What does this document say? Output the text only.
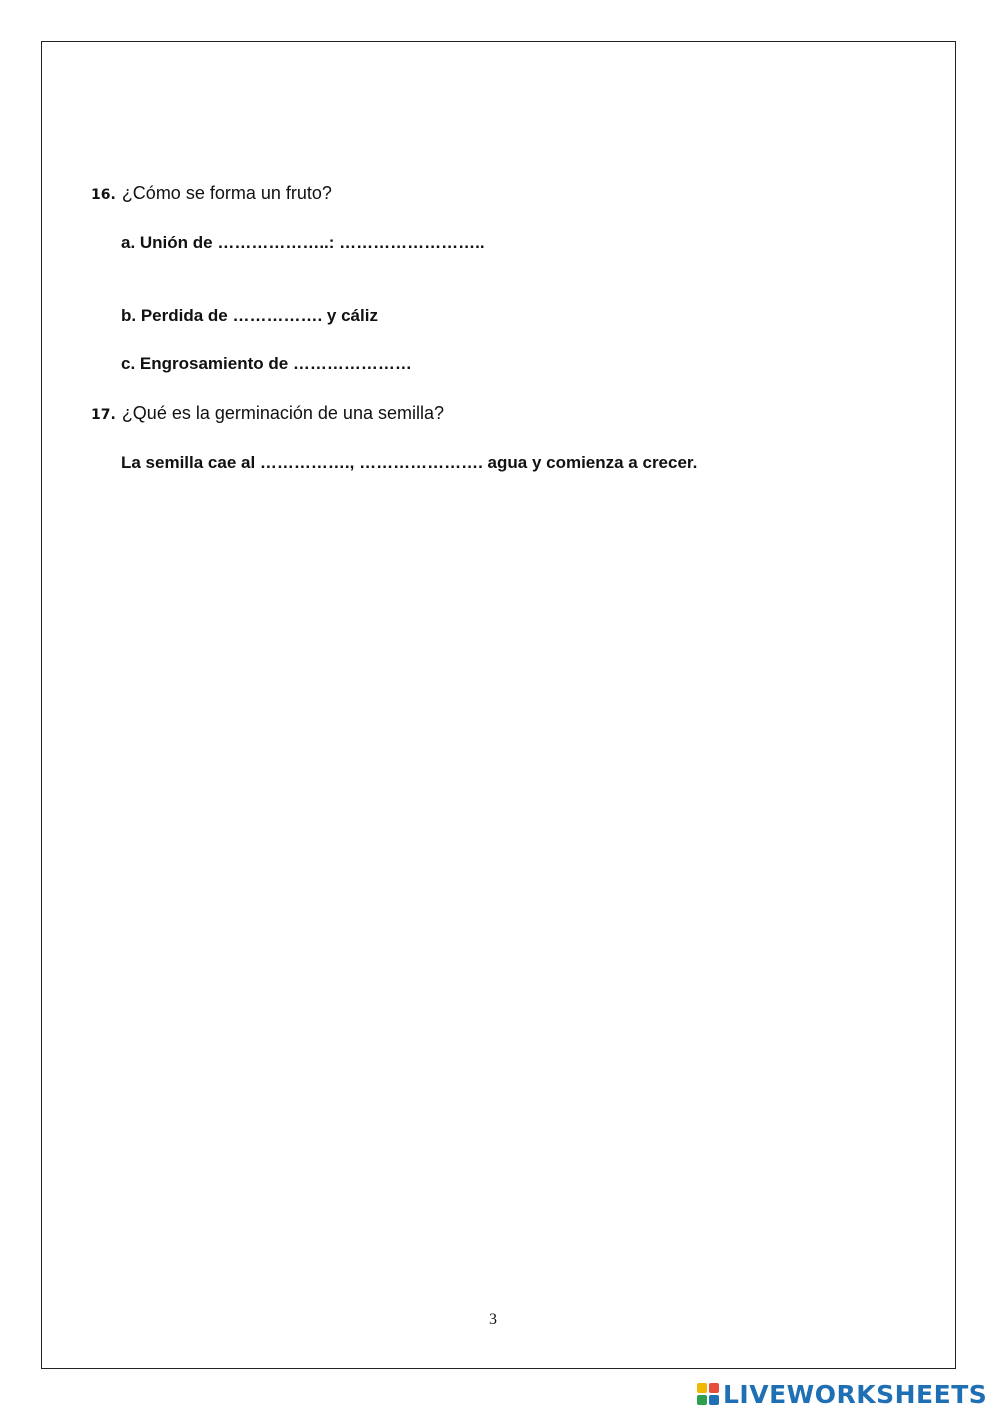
16. ¿Cómo se forma un fruto?
a. Unión de ………………..: ……………………..
b. Perdida de ……………. y cáliz
c. Engrosamiento de …………………
17. ¿Qué es la germinación de una semilla?
La semilla cae al ……………., …………………. agua y comienza a crecer.
3
LIVEWORKSHEETS
